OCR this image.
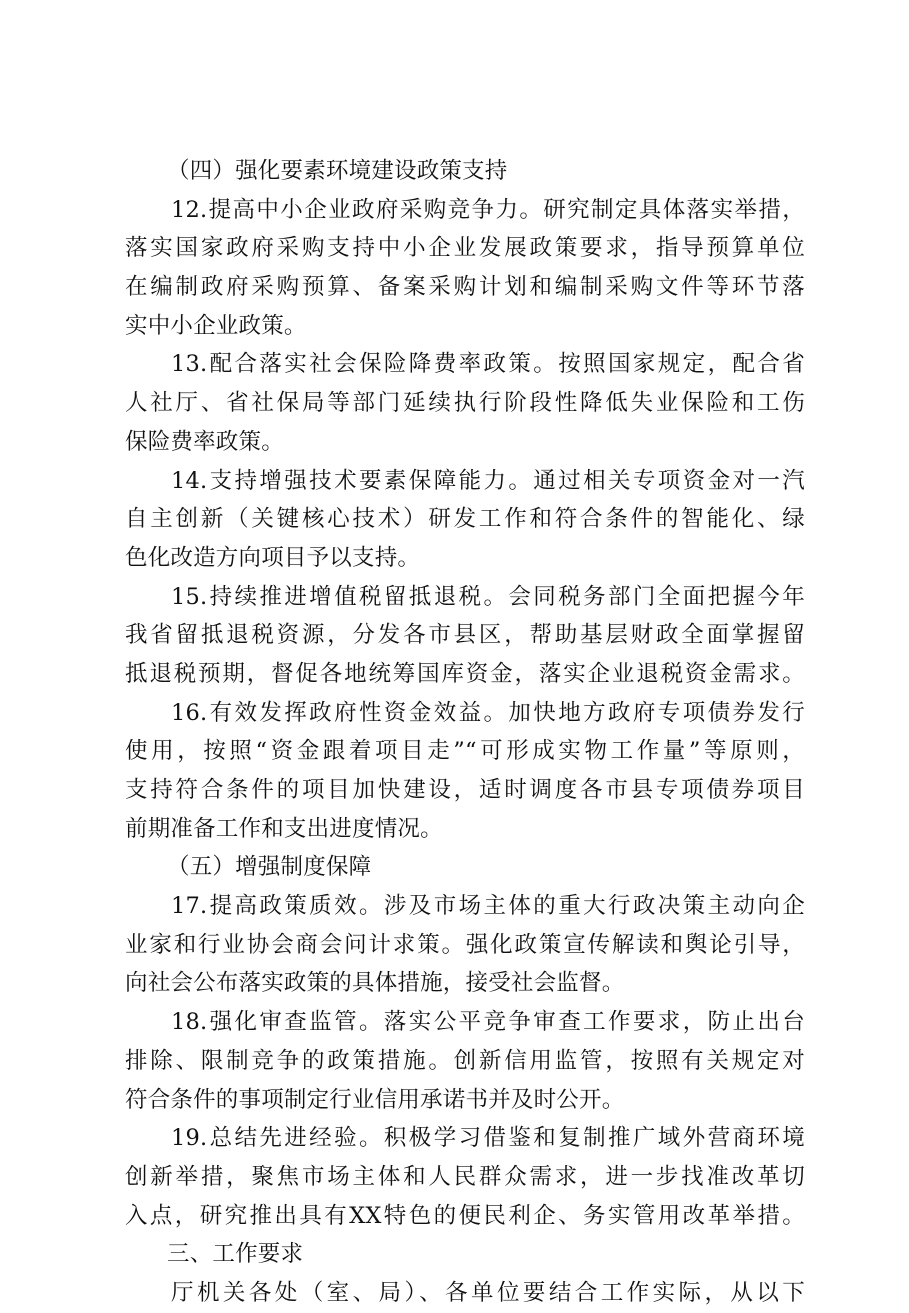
（四）强化要素环境建设政策支持
12.提高中小企业政府采购竞争力。研究制定具体落实举措，
落实国家政府采购支持中小企业发展政策要求，指导预算单位
在编制政府采购预算、备案采购计划和编制采购文件等环节落
实中小企业政策。
13.配合落实社会保险降费率政策。按照国家规定，配合省
人社厅、省社保局等部门延续执行阶段性降低失业保险和工伤
保险费率政策。
14.支持增强技术要素保障能力。通过相关专项资金对一汽
自主创新（关键核心技术）研发工作和符合条件的智能化、绿
色化改造方向项目予以支持。
15.持续推进增值税留抵退税。会同税务部门全面把握今年
我省留抵退税资源，分发各市县区，帮助基层财政全面掌握留
抵退税预期，督促各地统筹国库资金，落实企业退税资金需求。
16.有效发挥政府性资金效益。加快地方政府专项债券发行
使用，按照“资金跟着项目走”“可形成实物工作量”等原则，
支持符合条件的项目加快建设，适时调度各市县专项债券项目
前期准备工作和支出进度情况。
（五）增强制度保障
17.提高政策质效。涉及市场主体的重大行政决策主动向企
业家和行业协会商会问计求策。强化政策宣传解读和舆论引导，
向社会公布落实政策的具体措施，接受社会监督。
18.强化审查监管。落实公平竞争审查工作要求，防止出台
排除、限制竞争的政策措施。创新信用监管，按照有关规定对
符合条件的事项制定行业信用承诺书并及时公开。
19.总结先进经验。积极学习借鉴和复制推广域外营商环境
创新举措，聚焦市场主体和人民群众需求，进一步找准改革切
入点，研究推出具有XX特色的便民利企、务实管用改革举措。
三、工作要求
厅机关各处（室、局）、各单位要结合工作实际，从以下
